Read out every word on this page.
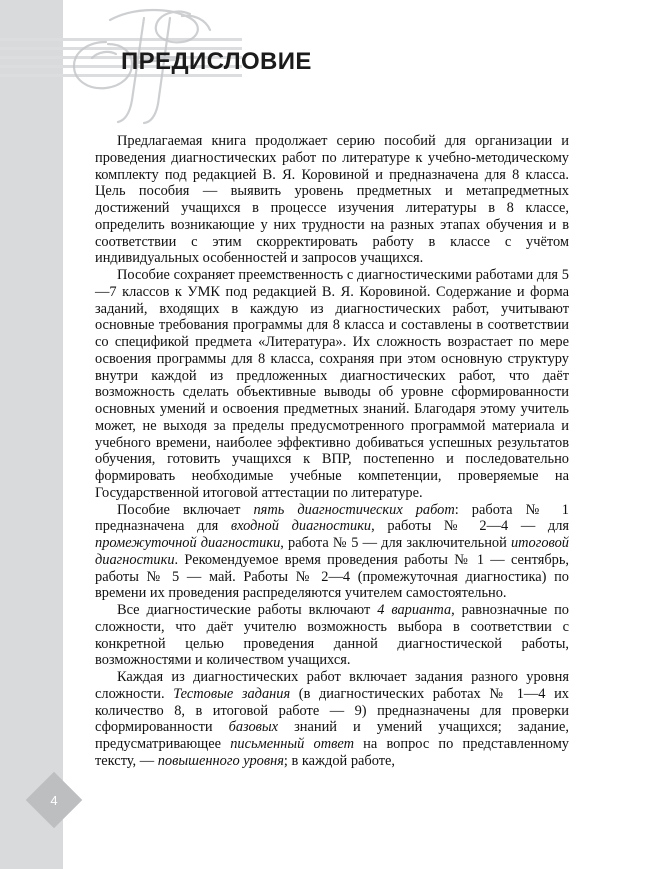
ПРЕДИСЛОВИЕ

Предлагаемая книга продолжает серию пособий для организации и проведения диагностических работ по литературе к учебно-методическому комплекту под редакцией В. Я. Коровиной и предназначена для 8 класса. Цель пособия — выявить уровень предметных и метапредметных достижений учащихся в процессе изучения литературы в 8 классе, определить возникающие у них трудности на разных этапах обучения и в соответствии с этим скорректировать работу в классе с учётом индивидуальных особенностей и запросов учащихся.

Пособие сохраняет преемственность с диагностическими работами для 5—7 классов к УМК под редакцией В. Я. Коровиной. Содержание и форма заданий, входящих в каждую из диагностических работ, учитывают основные требования программы для 8 класса и составлены в соответствии со спецификой предмета «Литература». Их сложность возрастает по мере освоения программы для 8 класса, сохраняя при этом основную структуру внутри каждой из предложенных диагностических работ, что даёт возможность сделать объективные выводы об уровне сформированности основных умений и освоения предметных знаний. Благодаря этому учитель может, не выходя за пределы предусмотренного программой материала и учебного времени, наиболее эффективно добиваться успешных результатов обучения, готовить учащихся к ВПР, постепенно и последовательно формировать необходимые учебные компетенции, проверяемые на Государственной итоговой аттестации по литературе.

Пособие включает пять диагностических работ: работа № 1 предназначена для входной диагностики, работы № 2—4 — для промежуточной диагностики, работа № 5 — для заключительной итоговой диагностики. Рекомендуемое время проведения работы № 1 — сентябрь, работы № 5 — май. Работы № 2—4 (промежуточная диагностика) по времени их проведения распределяются учителем самостоятельно.

Все диагностические работы включают 4 варианта, равнозначные по сложности, что даёт учителю возможность выбора в соответствии с конкретной целью проведения данной диагностической работы, возможностями и количеством учащихся.

Каждая из диагностических работ включает задания разного уровня сложности. Тестовые задания (в диагностических работах № 1—4 их количество 8, в итоговой работе — 9) предназначены для проверки сформированности базовых знаний и умений учащихся; задание, предусматривающее письменный ответ на вопрос по представленному тексту, — повышенного уровня; в каждой работе,

4
